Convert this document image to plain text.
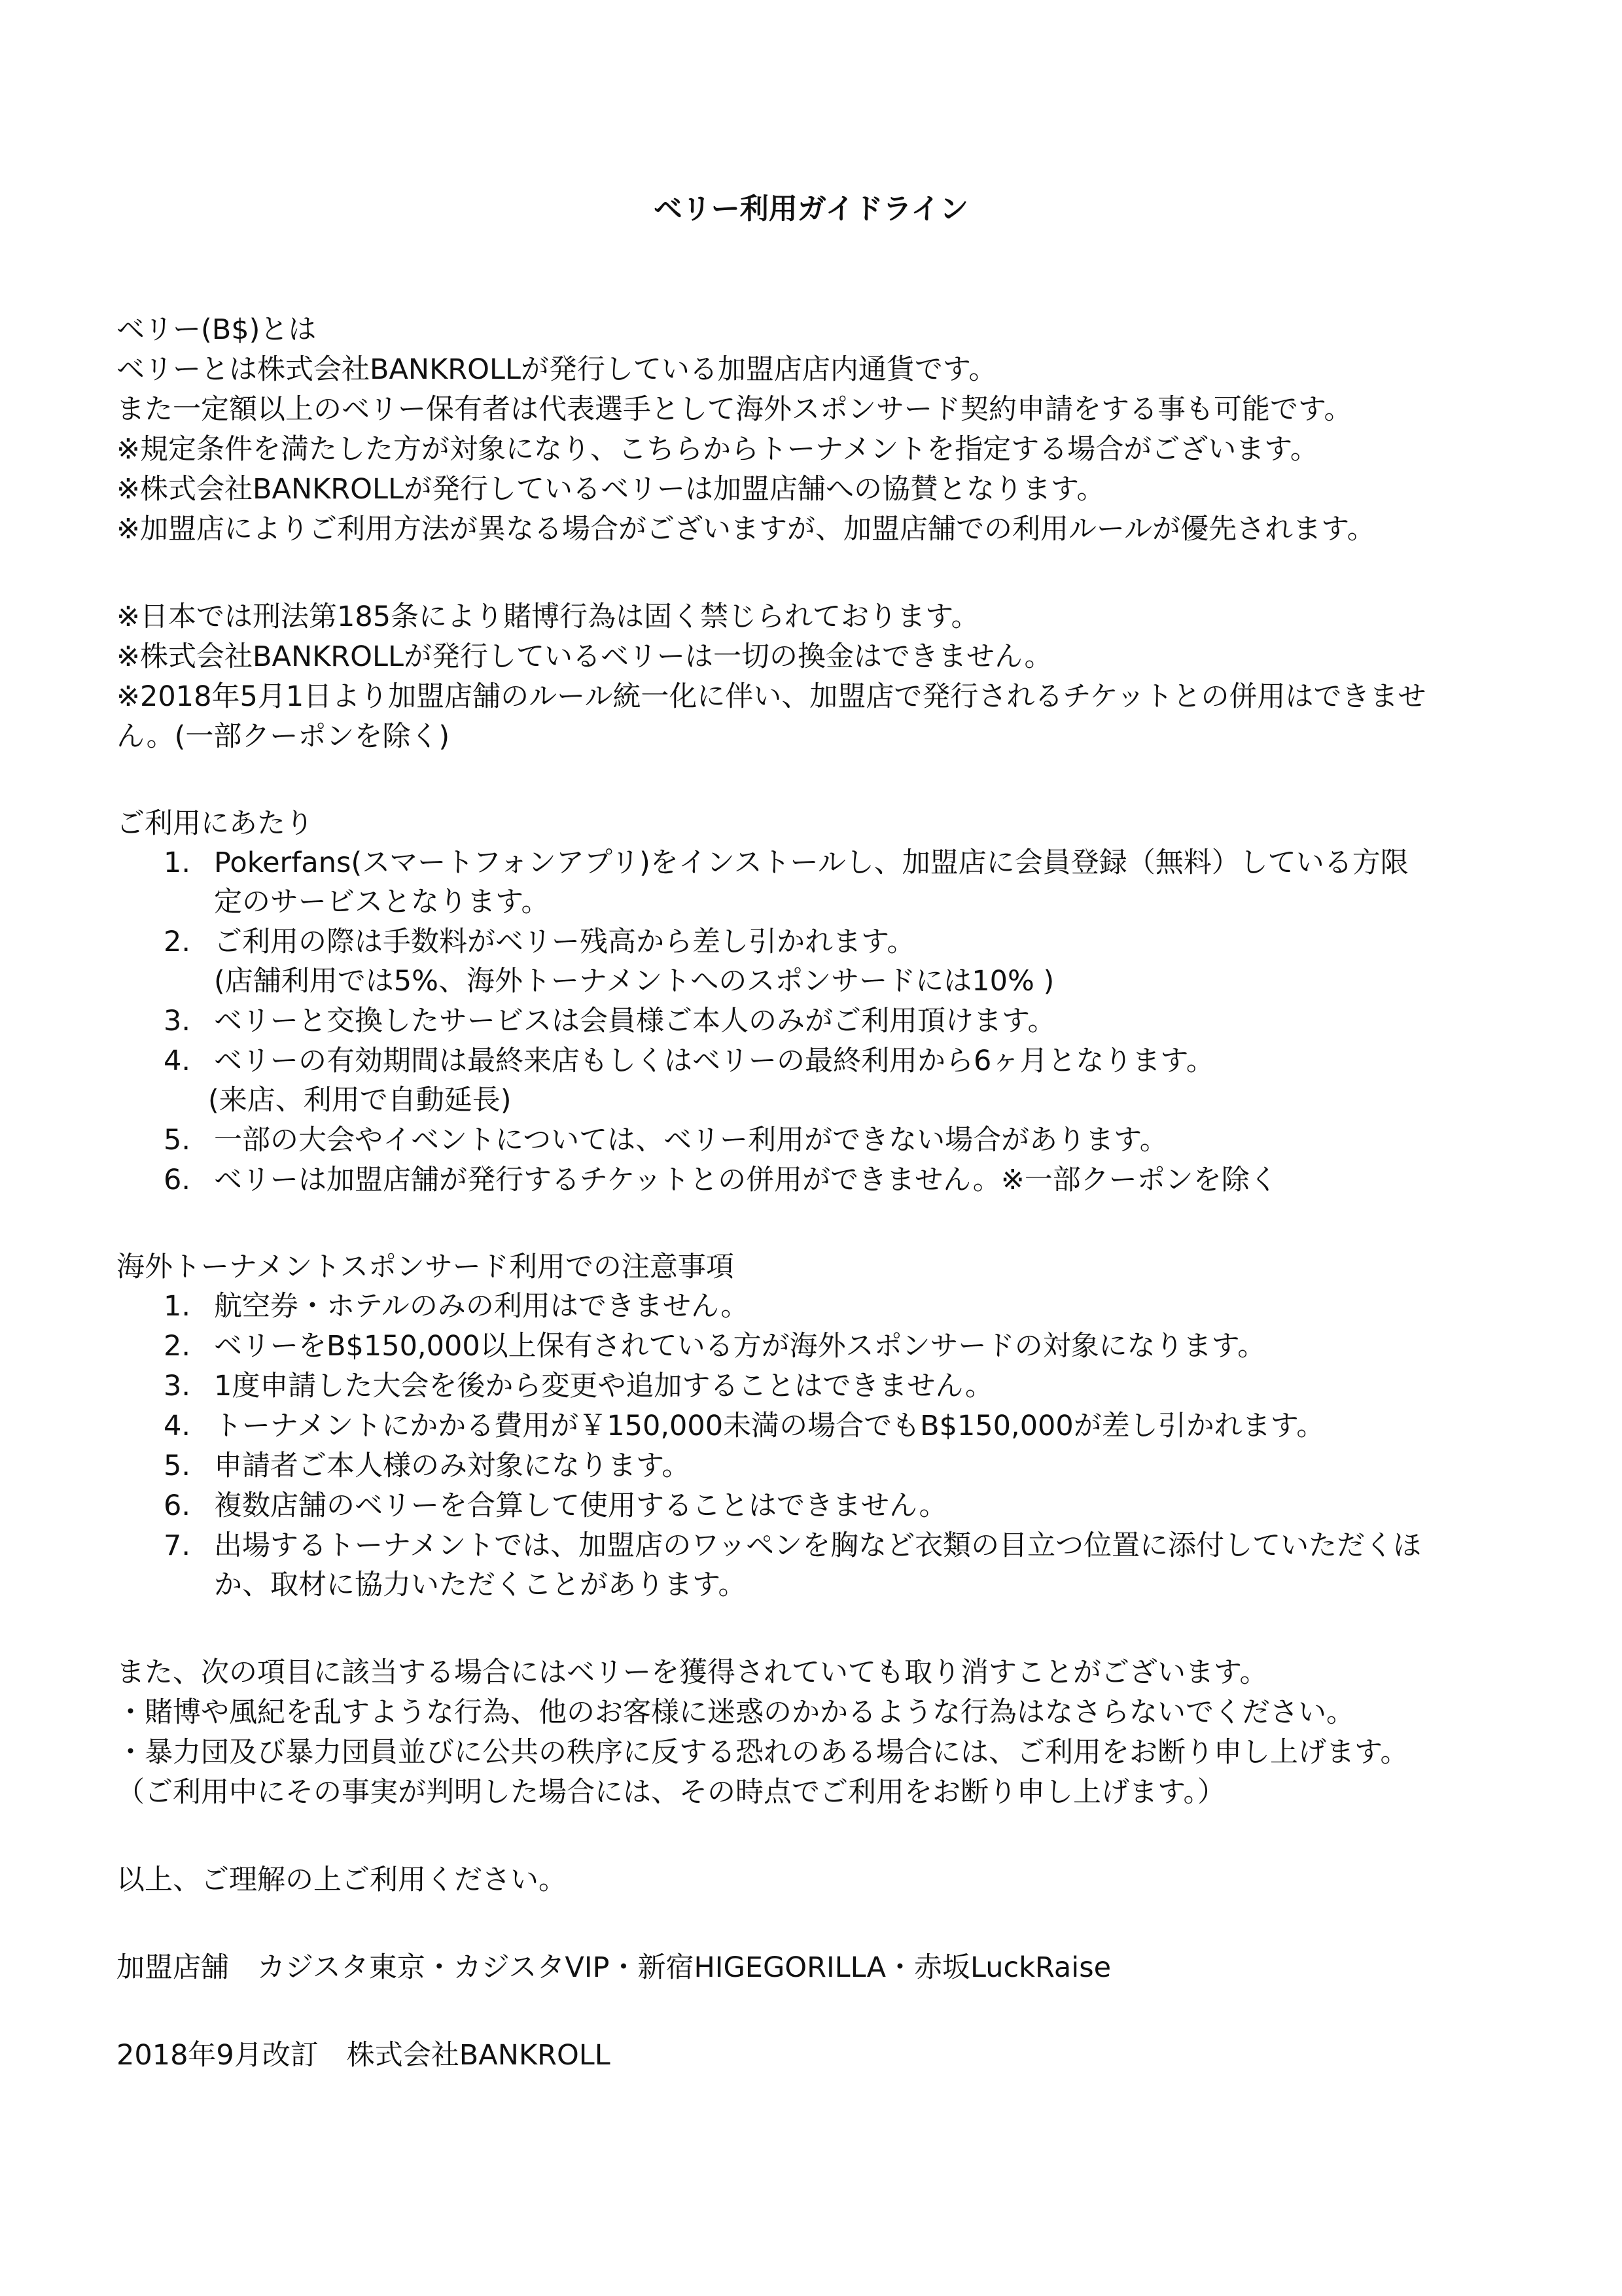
ベリー利用ガイドライン
ベリー(B$)とは
ベリーとは株式会社BANKROLLが発行している加盟店店内通貨です。
また一定額以上のベリー保有者は代表選手として海外スポンサード契約申請をする事も可能です。
※規定条件を満たした方が対象になり、こちらからトーナメントを指定する場合がございます。
※株式会社BANKROLLが発行しているベリーは加盟店舗への協賛となります。
※加盟店によりご利用方法が異なる場合がございますが、加盟店舗での利用ルールが優先されます。
※日本では刑法第185条により賭博行為は固く禁じられております。
※株式会社BANKROLLが発行しているベリーは一切の換金はできません。
※2018年5月1日より加盟店舗のルール統一化に伴い、加盟店で発行されるチケットとの併用はできませ
ん。(一部クーポンを除く)
ご利用にあたり
1. Pokerfans(スマートフォンアプリ)をインストールし、加盟店に会員登録（無料）している方限
定のサービスとなります。
2. ご利用の際は手数料がベリー残高から差し引かれます。
(店舗利用では5%、海外トーナメントへのスポンサードには10% )
3. ベリーと交換したサービスは会員様ご本人のみがご利用頂けます。
4. ベリーの有効期間は最終来店もしくはベリーの最終利用から6ヶ月となります。
(来店、利用で自動延長)
5. 一部の大会やイベントについては、ベリー利用ができない場合があります。
6. ベリーは加盟店舗が発行するチケットとの併用ができません。※一部クーポンを除く
海外トーナメントスポンサード利用での注意事項
1. 航空券・ホテルのみの利用はできません。
2. ベリーをB$150,000以上保有されている方が海外スポンサードの対象になります。
3. 1度申請した大会を後から変更や追加することはできません。
4. トーナメントにかかる費用が￥150,000未満の場合でもB$150,000が差し引かれます。
5. 申請者ご本人様のみ対象になります。
6. 複数店舗のベリーを合算して使用することはできません。
7. 出場するトーナメントでは、加盟店のワッペンを胸など衣類の目立つ位置に添付していただくほ
か、取材に協力いただくことがあります。
また、次の項目に該当する場合にはベリーを獲得されていても取り消すことがございます。
・賭博や風紀を乱すような行為、他のお客様に迷惑のかかるような行為はなさらないでください。
・暴力団及び暴力団員並びに公共の秩序に反する恐れのある場合には、ご利用をお断り申し上げます。
（ご利用中にその事実が判明した場合には、その時点でご利用をお断り申し上げます。）
以上、ご理解の上ご利用ください。
加盟店舗　カジスタ東京・カジスタVIP・新宿HIGEGORILLA・赤坂LuckRaise
2018年9月改訂　株式会社BANKROLL
